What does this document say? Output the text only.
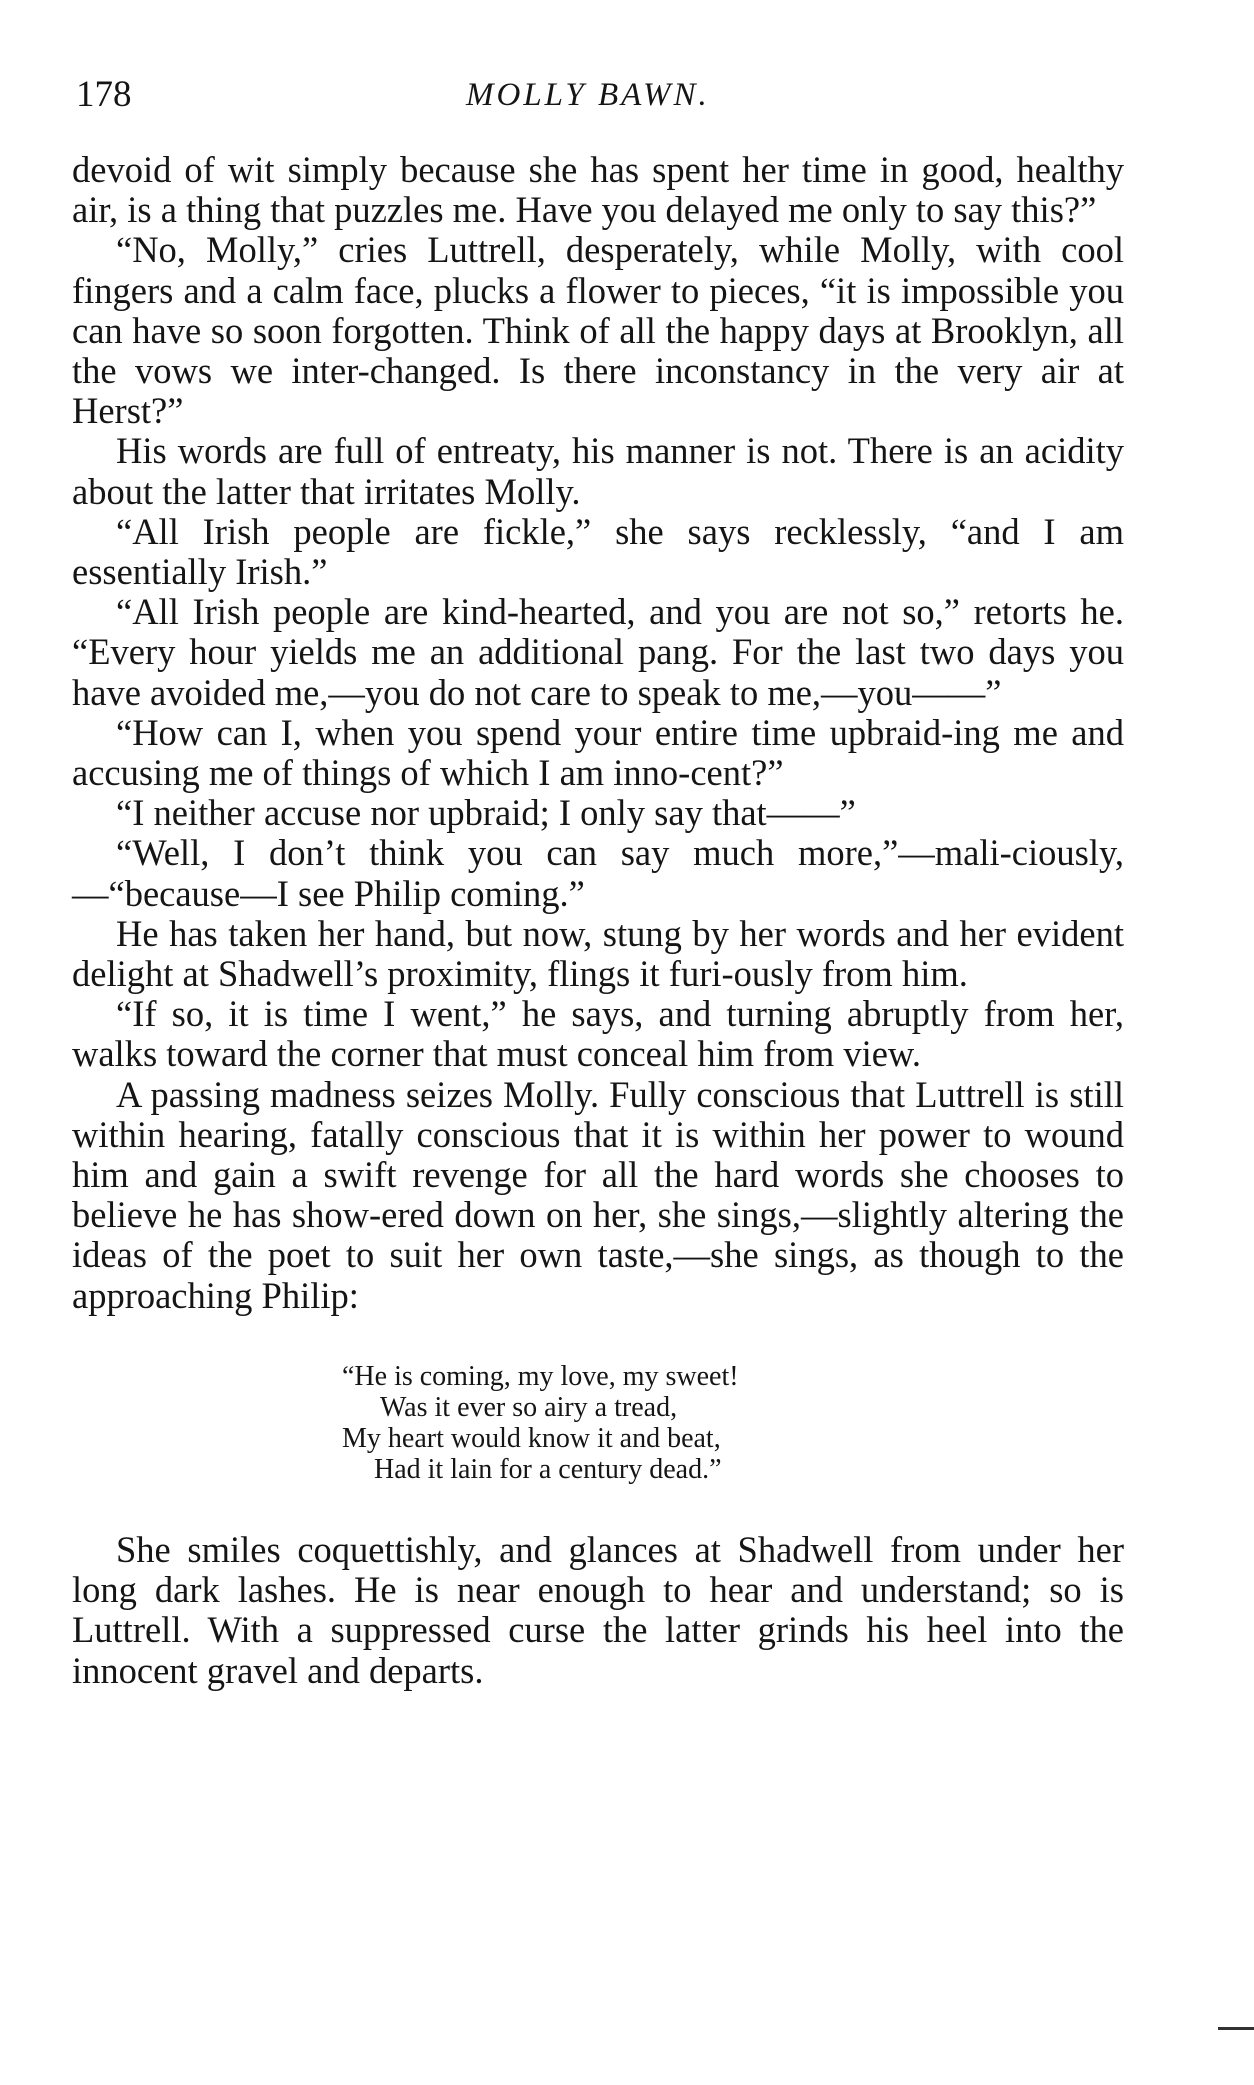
178	MOLLY BAWN.

devoid of wit simply because she has spent her time in good, healthy air, is a thing that puzzles me. Have you delayed me only to say this?”

“No, Molly,” cries Luttrell, desperately, while Molly, with cool fingers and a calm face, plucks a flower to pieces, “it is impossible you can have so soon forgotten. Think of all the happy days at Brooklyn, all the vows we inter-changed. Is there inconstancy in the very air at Herst?”

His words are full of entreaty, his manner is not. There is an acidity about the latter that irritates Molly.

“All Irish people are fickle,” she says recklessly, “and I am essentially Irish.”

“All Irish people are kind-hearted, and you are not so,” retorts he. “Every hour yields me an additional pang. For the last two days you have avoided me,—you do not care to speak to me,—you——”

“How can I, when you spend your entire time upbraid-ing me and accusing me of things of which I am inno-cent?”

“I neither accuse nor upbraid; I only say that——”

“Well, I don’t think you can say much more,”—mali-ciously,—“because—I see Philip coming.”

He has taken her hand, but now, stung by her words and her evident delight at Shadwell’s proximity, flings it furi-ously from him.

“If so, it is time I went,” he says, and turning abruptly from her, walks toward the corner that must conceal him from view.

A passing madness seizes Molly. Fully conscious that Luttrell is still within hearing, fatally conscious that it is within her power to wound him and gain a swift revenge for all the hard words she chooses to believe he has show-ered down on her, she sings,—slightly altering the ideas of the poet to suit her own taste,—she sings, as though to the approaching Philip:

“He is coming, my love, my sweet!
Was it ever so airy a tread,
My heart would know it and beat,
Had it lain for a century dead.”

She smiles coquettishly, and glances at Shadwell from under her long dark lashes. He is near enough to hear and understand; so is Luttrell. With a suppressed curse the latter grinds his heel into the innocent gravel and departs.
